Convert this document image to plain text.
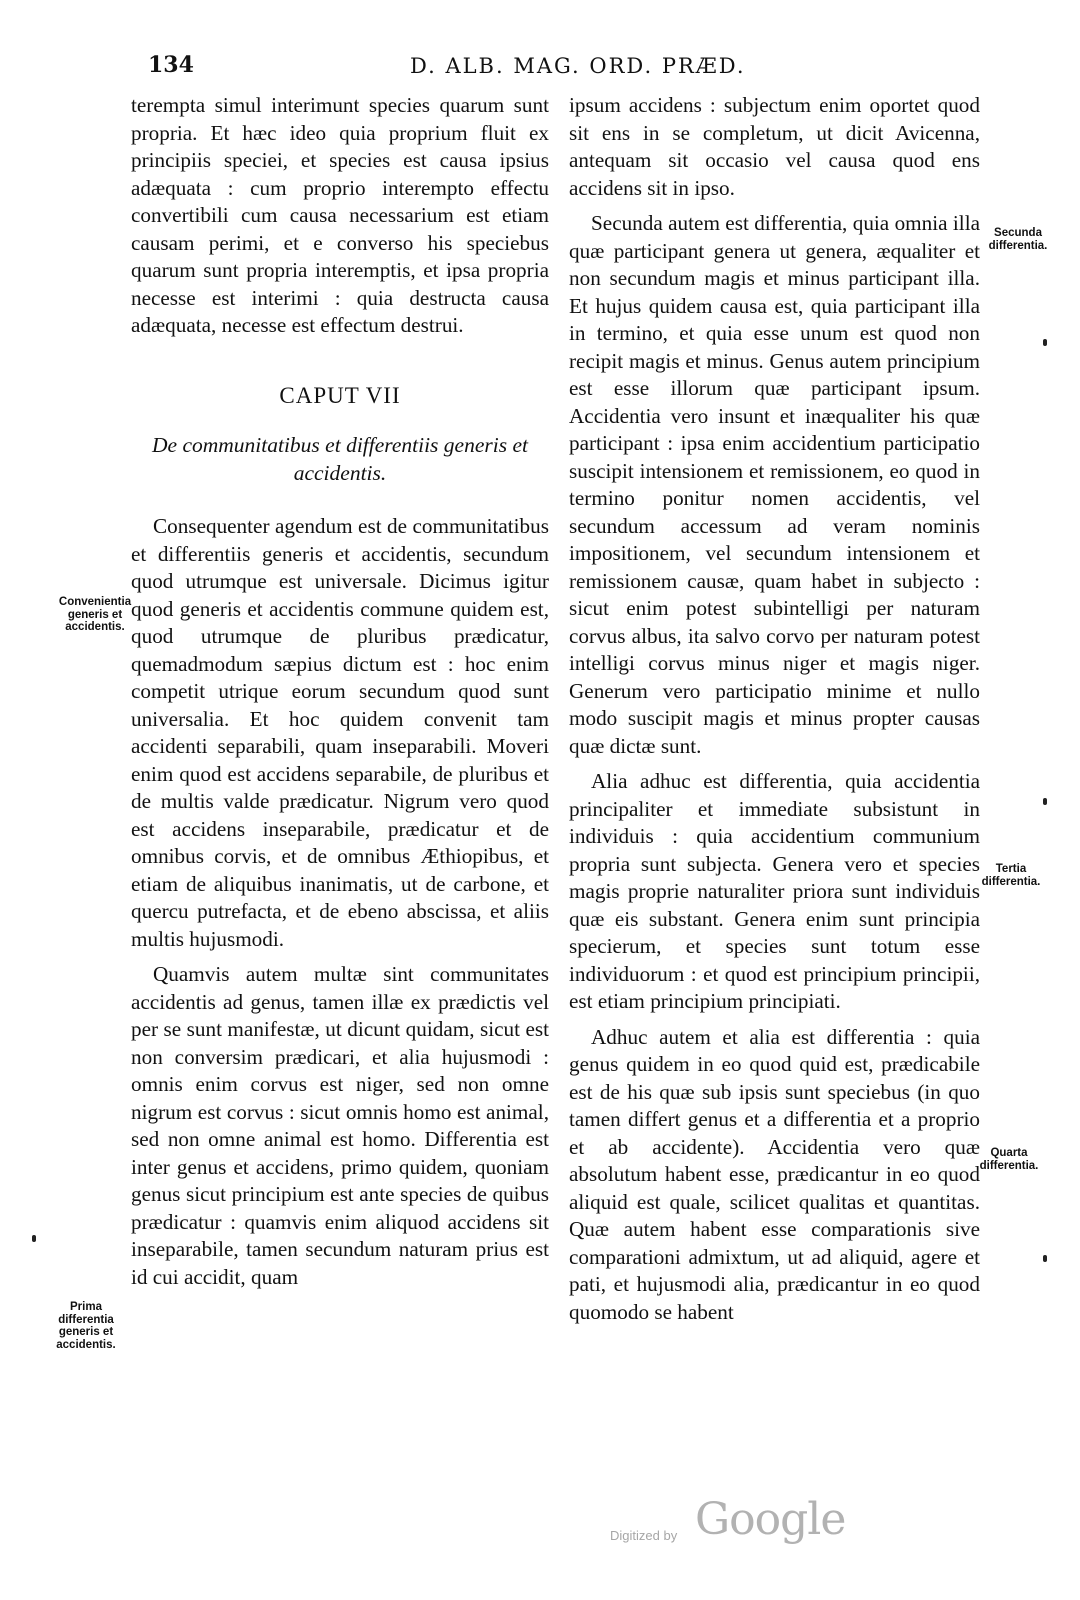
134	D. ALB. MAG. ORD. PRÆD.

terempta simul interimunt species quarum sunt propria. Et hæc ideo quia proprium fluit ex principiis speciei, et species est causa ipsius adæquata : cum proprio interempto effectu convertibili cum causa necessarium est etiam causam perimi, et e converso his speciebus quarum sunt propria interemptis, et ipsa propria necesse est interimi : quia destructa causa adæquata, necesse est effectum destrui.

CAPUT VII
De communitatibus et differentiis generis et accidentis.

Consequenter agendum est de communitatibus et differentiis generis et accidentis, secundum quod utrumque est universale. Dicimus igitur quod generis et accidentis commune quidem est, quod utrumque de pluribus prædicatur, quemadmodum sæpius dictum est : hoc enim competit utrique eorum secundum quod sunt universalia. Et hoc quidem convenit tam accidenti separabili, quam inseparabili. Moveri enim quod est accidens separabile, de pluribus et de multis valde prædicatur. Nigrum vero quod est accidens inseparabile, prædicatur et de omnibus corvis, et de omnibus Æthiopibus, et etiam de aliquibus inanimatis, ut de carbone, et quercu putrefacta, et de ebeno abscissa, et aliis multis hujusmodi.

Quamvis autem multæ sint communitates accidentis ad genus, tamen illæ ex prædictis vel per se sunt manifestæ, ut dicunt quidam, sicut est non conversim prædicari, et alia hujusmodi : omnis enim corvus est niger, sed non omne nigrum est corvus : sicut omnis homo est animal, sed non omne animal est homo. Differentia est inter genus et accidens, primo quidem, quoniam genus sicut principium est ante species de quibus prædicatur : quamvis enim aliquod accidens sit inseparabile, tamen secundum naturam prius est id cui accidit, quam

ipsum accidens : subjectum enim oportet quod sit ens in se completum, ut dicit Avicenna, antequam sit occasio vel causa quod ens accidens sit in ipso.

Secunda autem est differentia, quia omnia illa quæ participant genera ut genera, æqualiter et non secundum magis et minus participant illa. Et hujus quidem causa est, quia participant illa in termino, et quia esse unum est quod non recipit magis et minus. Genus autem principium est esse illorum quæ participant ipsum. Accidentia vero insunt et inæqualiter his quæ participant : ipsa enim accidentium participatio suscipit intensionem et remissionem, eo quod in termino ponitur nomen accidentis, vel secundum accessum ad veram nominis impositionem, vel secundum intensionem et remissionem causæ, quam habet in subjecto : sicut enim potest subintelligi per naturam corvus albus, ita salvo corvo per naturam potest intelligi corvus minus niger et magis niger. Generum vero participatio minime et nullo modo suscipit magis et minus propter causas quæ dictæ sunt.

Alia adhuc est differentia, quia accidentia principaliter et immediate subsistunt in individuis : quia accidentium communium propria sunt subjecta. Genera vero et species magis proprie naturaliter priora sunt individuis quæ eis substant. Genera enim sunt principia specierum, et species sunt totum esse individuorum : et quod est principium principii, est etiam principium principiati.

Adhuc autem et alia est differentia : quia genus quidem in eo quod quid est, prædicabile est de his quæ sub ipsis sunt speciebus (in quo tamen differt genus et a differentia et a proprio et ab accidente). Accidentia vero quæ absolutum habent esse, prædicantur in eo quod aliquid est quale, scilicet qualitas et quantitas. Quæ autem habent esse comparationis sive comparationi admixtum, ut ad aliquid, agere et pati, et hujusmodi alia, prædicantur in eo quod quomodo se habent

Convenientia generis et accidentis.
Prima differentia generis et accidentis.
Secunda differentia.
Tertia differentia.
Quarta differentia.
Digitized by Google
